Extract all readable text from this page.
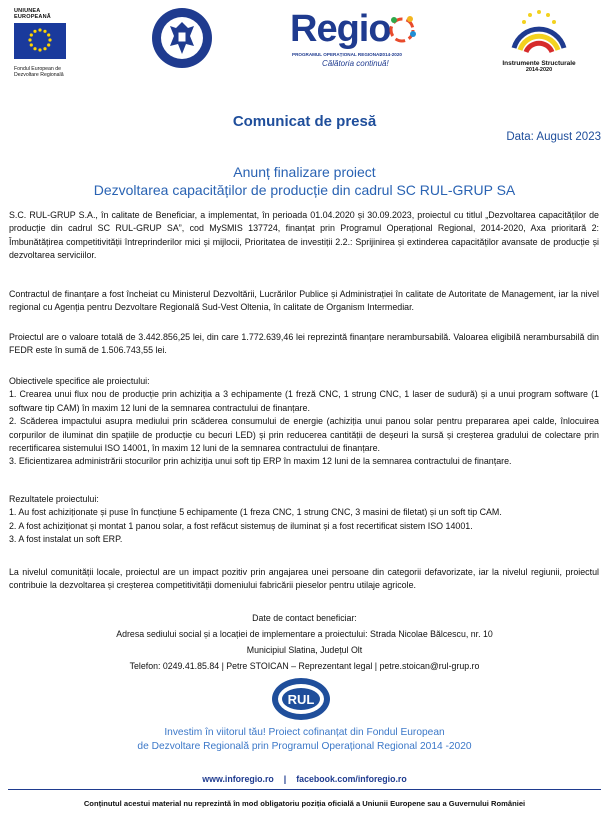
UNIUNEA EUROPEANĂ
Fondul European de
Dezvoltare Regională
Regio
PROGRAMUL OPERAȚIONAL REGIONAL
2014-2020
Călătoria continuă!	Instrumente Structurale
2014-2020
Comunicat de presă
Data: August 2023
Anunț finalizare proiect
Dezvoltarea capacităților de producție din cadrul SC RUL-GRUP SA

S.C. RUL-GRUP S.A., în calitate de Beneficiar, a implementat, în perioada 01.04.2020 și 30.09.2023, proiectul cu titlul „Dezvoltarea capacităților de producție din cadrul SC RUL-GRUP SA”, cod MySMIS 137724, finanțat prin Programul Operațional Regional, 2014-2020, Axa prioritară 2: Îmbunătățirea competitivității întreprinderilor mici și mijlocii, Prioritatea de investiții 2.2.: Sprijinirea și extinderea capacităților avansate de producție și dezvoltarea serviciilor.

Contractul de finanțare a fost încheiat cu Ministerul Dezvoltării, Lucrărilor Publice și Administrației în calitate de Autoritate de Management, iar la nivel regional cu Agenția pentru Dezvoltare Regională Sud-Vest Oltenia, în calitate de Organism Intermediar.

Proiectul are o valoare totală de 3.442.856,25 lei, din care 1.772.639,46 lei reprezintă finanțare nerambursabilă. Valoarea eligibilă nerambursabilă din FEDR este în sumă de 1.506.743,55 lei.

Obiectivele specifice ale proiectului:

1. Crearea unui flux nou de producție prin achiziția a 3 echipamente (1 freză CNC, 1 strung CNC, 1 laser de sudură) și a unui program software (1 software tip CAM) în maxim 12 luni de la semnarea contractului de finanțare.

2. Scăderea impactului asupra mediului prin scăderea consumului de energie (achiziția unui panou solar pentru prepararea apei calde, înlocuirea corpurilor de iluminat din spațiile de producție cu becuri LED) și prin reducerea cantității de deșeuri la sursă și creșterea gradului de colectare prin recertificarea sistemului ISO 14001, în maxim 12 luni de la semnarea contractului de finanțare.

3. Eficientizarea administrării stocurilor prin achiziția unui soft tip ERP în maxim 12 luni de la semnarea contractului de finanțare.

Rezultatele proiectului:

1. Au fost achiziționate și puse în funcțiune 5 echipamente (1 freza CNC, 1 strung CNC, 3 masini de filetat) și un soft tip CAM.

2. A fost achiziționat și montat 1 panou solar, a fost refăcut sistemuș de iluminat și a fost recertificat sistem ISO 14001.

3. A fost instalat un soft ERP.

La nivelul comunității locale, proiectul are un impact pozitiv prin angajarea unei persoane din categorii defavorizate, iar la nivelul regiunii, proiectul contribuie la dezvoltarea și creșterea competitivității domeniului fabricării pieselor pentru utilaje agricole.

Date de contact beneficiar:
Adresa sediului social și a locației de implementare a proiectului: Strada Nicolae Bălcescu, nr. 10
Municipiul Slatina, Județul Olt
Telefon: 0249.41.85.84 | Petre STOICAN – Reprezentant legal | petre.stoican@rul-grup.ro
RUL
Investim în viitorul tău! Proiect cofinanțat din Fondul European
de Dezvoltare Regională prin Programul Operațional Regional 2014 -2020
www.inforegio.ro | facebook.com/inforegio.ro
Conținutul acestui material nu reprezintă în mod obligatoriu poziția oficială a Uniunii Europene sau a Guvernului României
